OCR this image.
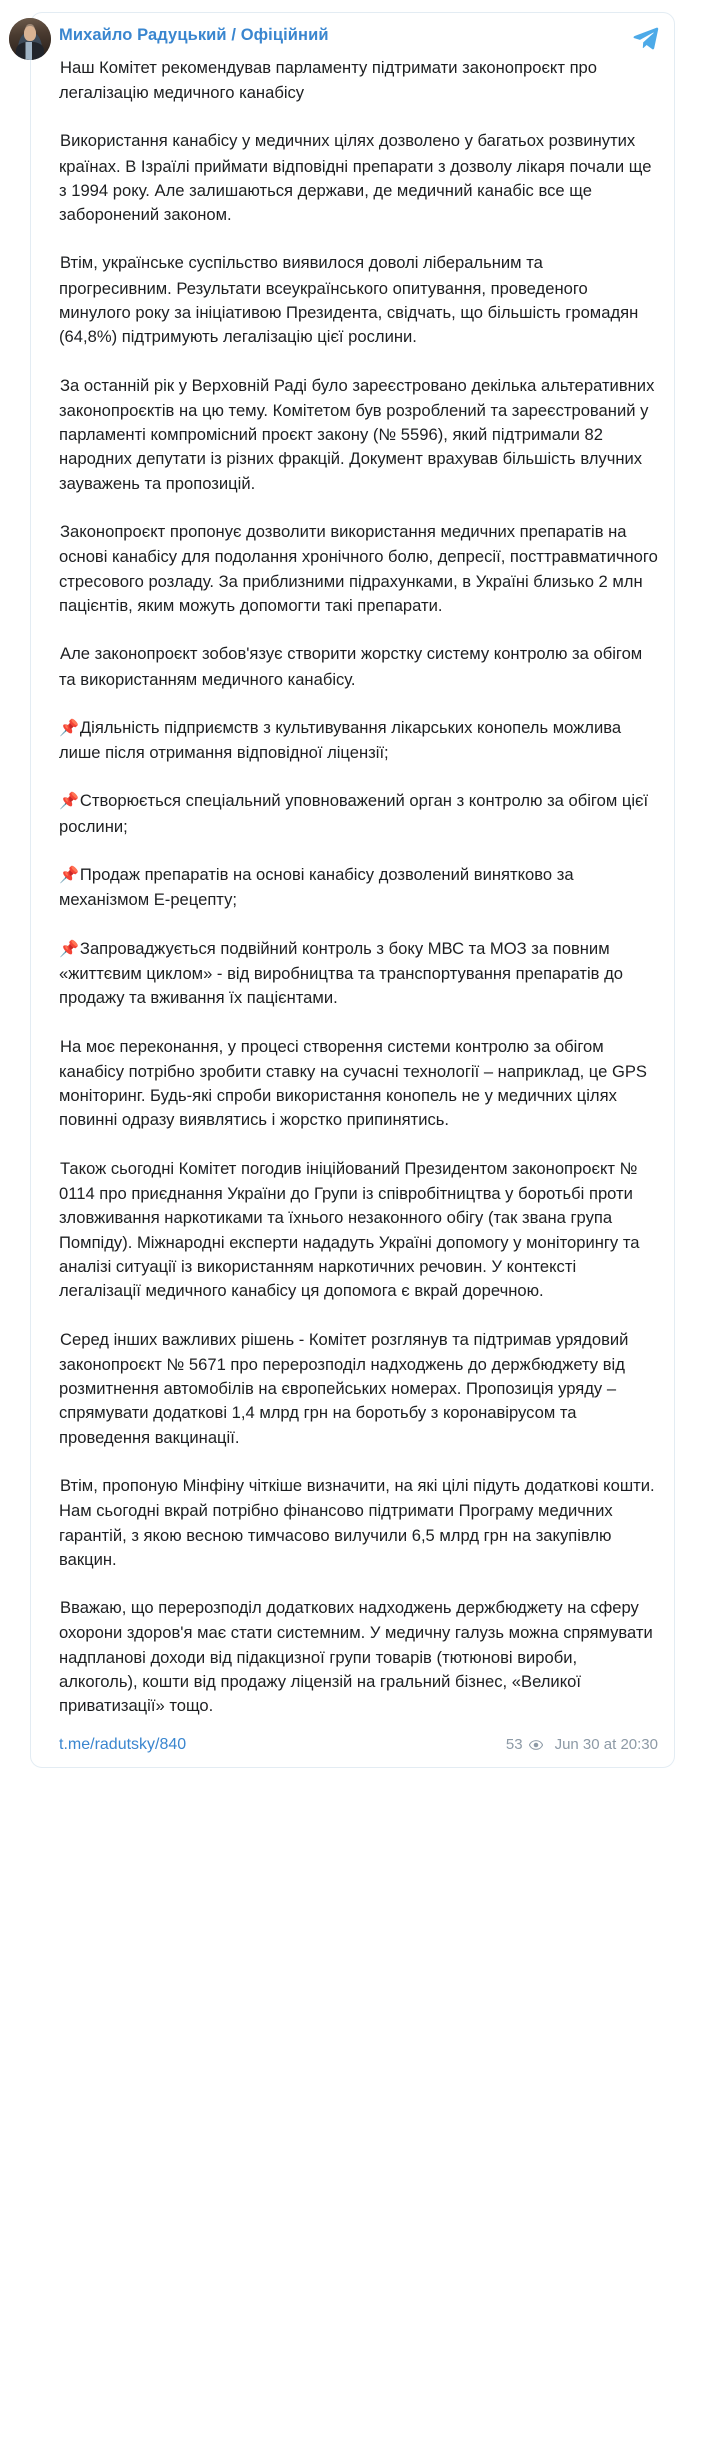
Михайло Радуцький / Офіційний

Наш Комітет рекомендував парламенту підтримати законопроєкт про легалізацію медичного канабісу

Використання канабісу у медичних цілях дозволено у багатьох розвинутих країнах. В Ізраїлі приймати відповідні препарати з дозволу лікаря почали ще з 1994 року. Але залишаються держави, де медичний канабіс все ще заборонений законом.

Втім, українське суспільство виявилося доволі ліберальним та прогресивним. Результати всеукраїнського опитування, проведеного минулого року за ініціативою Президента, свідчать, що більшість громадян (64,8%) підтримують легалізацію цієї рослини.

За останній рік у Верховній Раді було зареєстровано декілька альтеративних законопроєктів на цю тему. Комітетом був розроблений та зареєстрований у парламенті компромісний проєкт закону (№ 5596), який підтримали 82 народних депутати із різних фракцій. Документ врахував більшість влучних зауважень та пропозицій.

Законопроєкт пропонує дозволити використання медичних препаратів на основі канабісу для подолання хронічного болю, депресії, посттравматичного стресового розладу. За приблизними підрахунками, в Україні близько 2 млн пацієнтів, яким можуть допомогти такі препарати.

Але законопроєкт зобов'язує створити жорстку систему контролю за обігом та використанням медичного канабісу.

📌Діяльність підприємств з культивування лікарських конопель можлива лише після отримання відповідної ліцензії;

📌Створюється спеціальний уповноважений орган з контролю за обігом цієї рослини;

📌Продаж препаратів на основі канабісу дозволений винятково за механізмом Е-рецепту;

📌Запроваджується подвійний контроль з боку МВС та МОЗ за повним «життєвим циклом» - від виробництва та транспортування препаратів до продажу та вживання їх пацієнтами.

На моє переконання, у процесі створення системи контролю за обігом канабісу потрібно зробити ставку на сучасні технології – наприклад, це GPS моніторинг. Будь-які спроби використання конопель не у медичних цілях повинні одразу виявлятись і жорстко припинятись.

Також сьогодні Комітет погодив ініційований Президентом законопроєкт № 0114 про приєднання України до Групи із співробітництва у боротьбі проти зловживання наркотиками та їхнього незаконного обігу (так звана група Помпіду). Міжнародні експерти нададуть Україні допомогу у моніторингу та аналізі ситуації із використанням наркотичних речовин. У контексті легалізації медичного канабісу ця допомога є вкрай доречною.

Серед інших важливих рішень - Комітет розглянув та підтримав урядовий законопроєкт № 5671 про перерозподіл надходжень до держбюджету від розмитнення автомобілів на європейських номерах. Пропозиція уряду – спрямувати додаткові 1,4 млрд грн на боротьбу з коронавірусом та проведення вакцинації.

Втім, пропоную Мінфіну чіткіше визначити, на які цілі підуть додаткові кошти. Нам сьогодні вкрай потрібно фінансово підтримати Програму медичних гарантій, з якою весною тимчасово вилучили 6,5 млрд грн на закупівлю вакцин.

Вважаю, що перерозподіл додаткових надходжень держбюджету на сферу охорони здоров'я має стати системним. У медичну галузь можна спрямувати надпланові доходи від підакцизної групи товарів (тютюнові вироби, алкоголь), кошти від продажу ліцензій на гральний бізнес, «Великої приватизації» тощо.

t.me/radutsky/840	53 Jun 30 at 20:30
